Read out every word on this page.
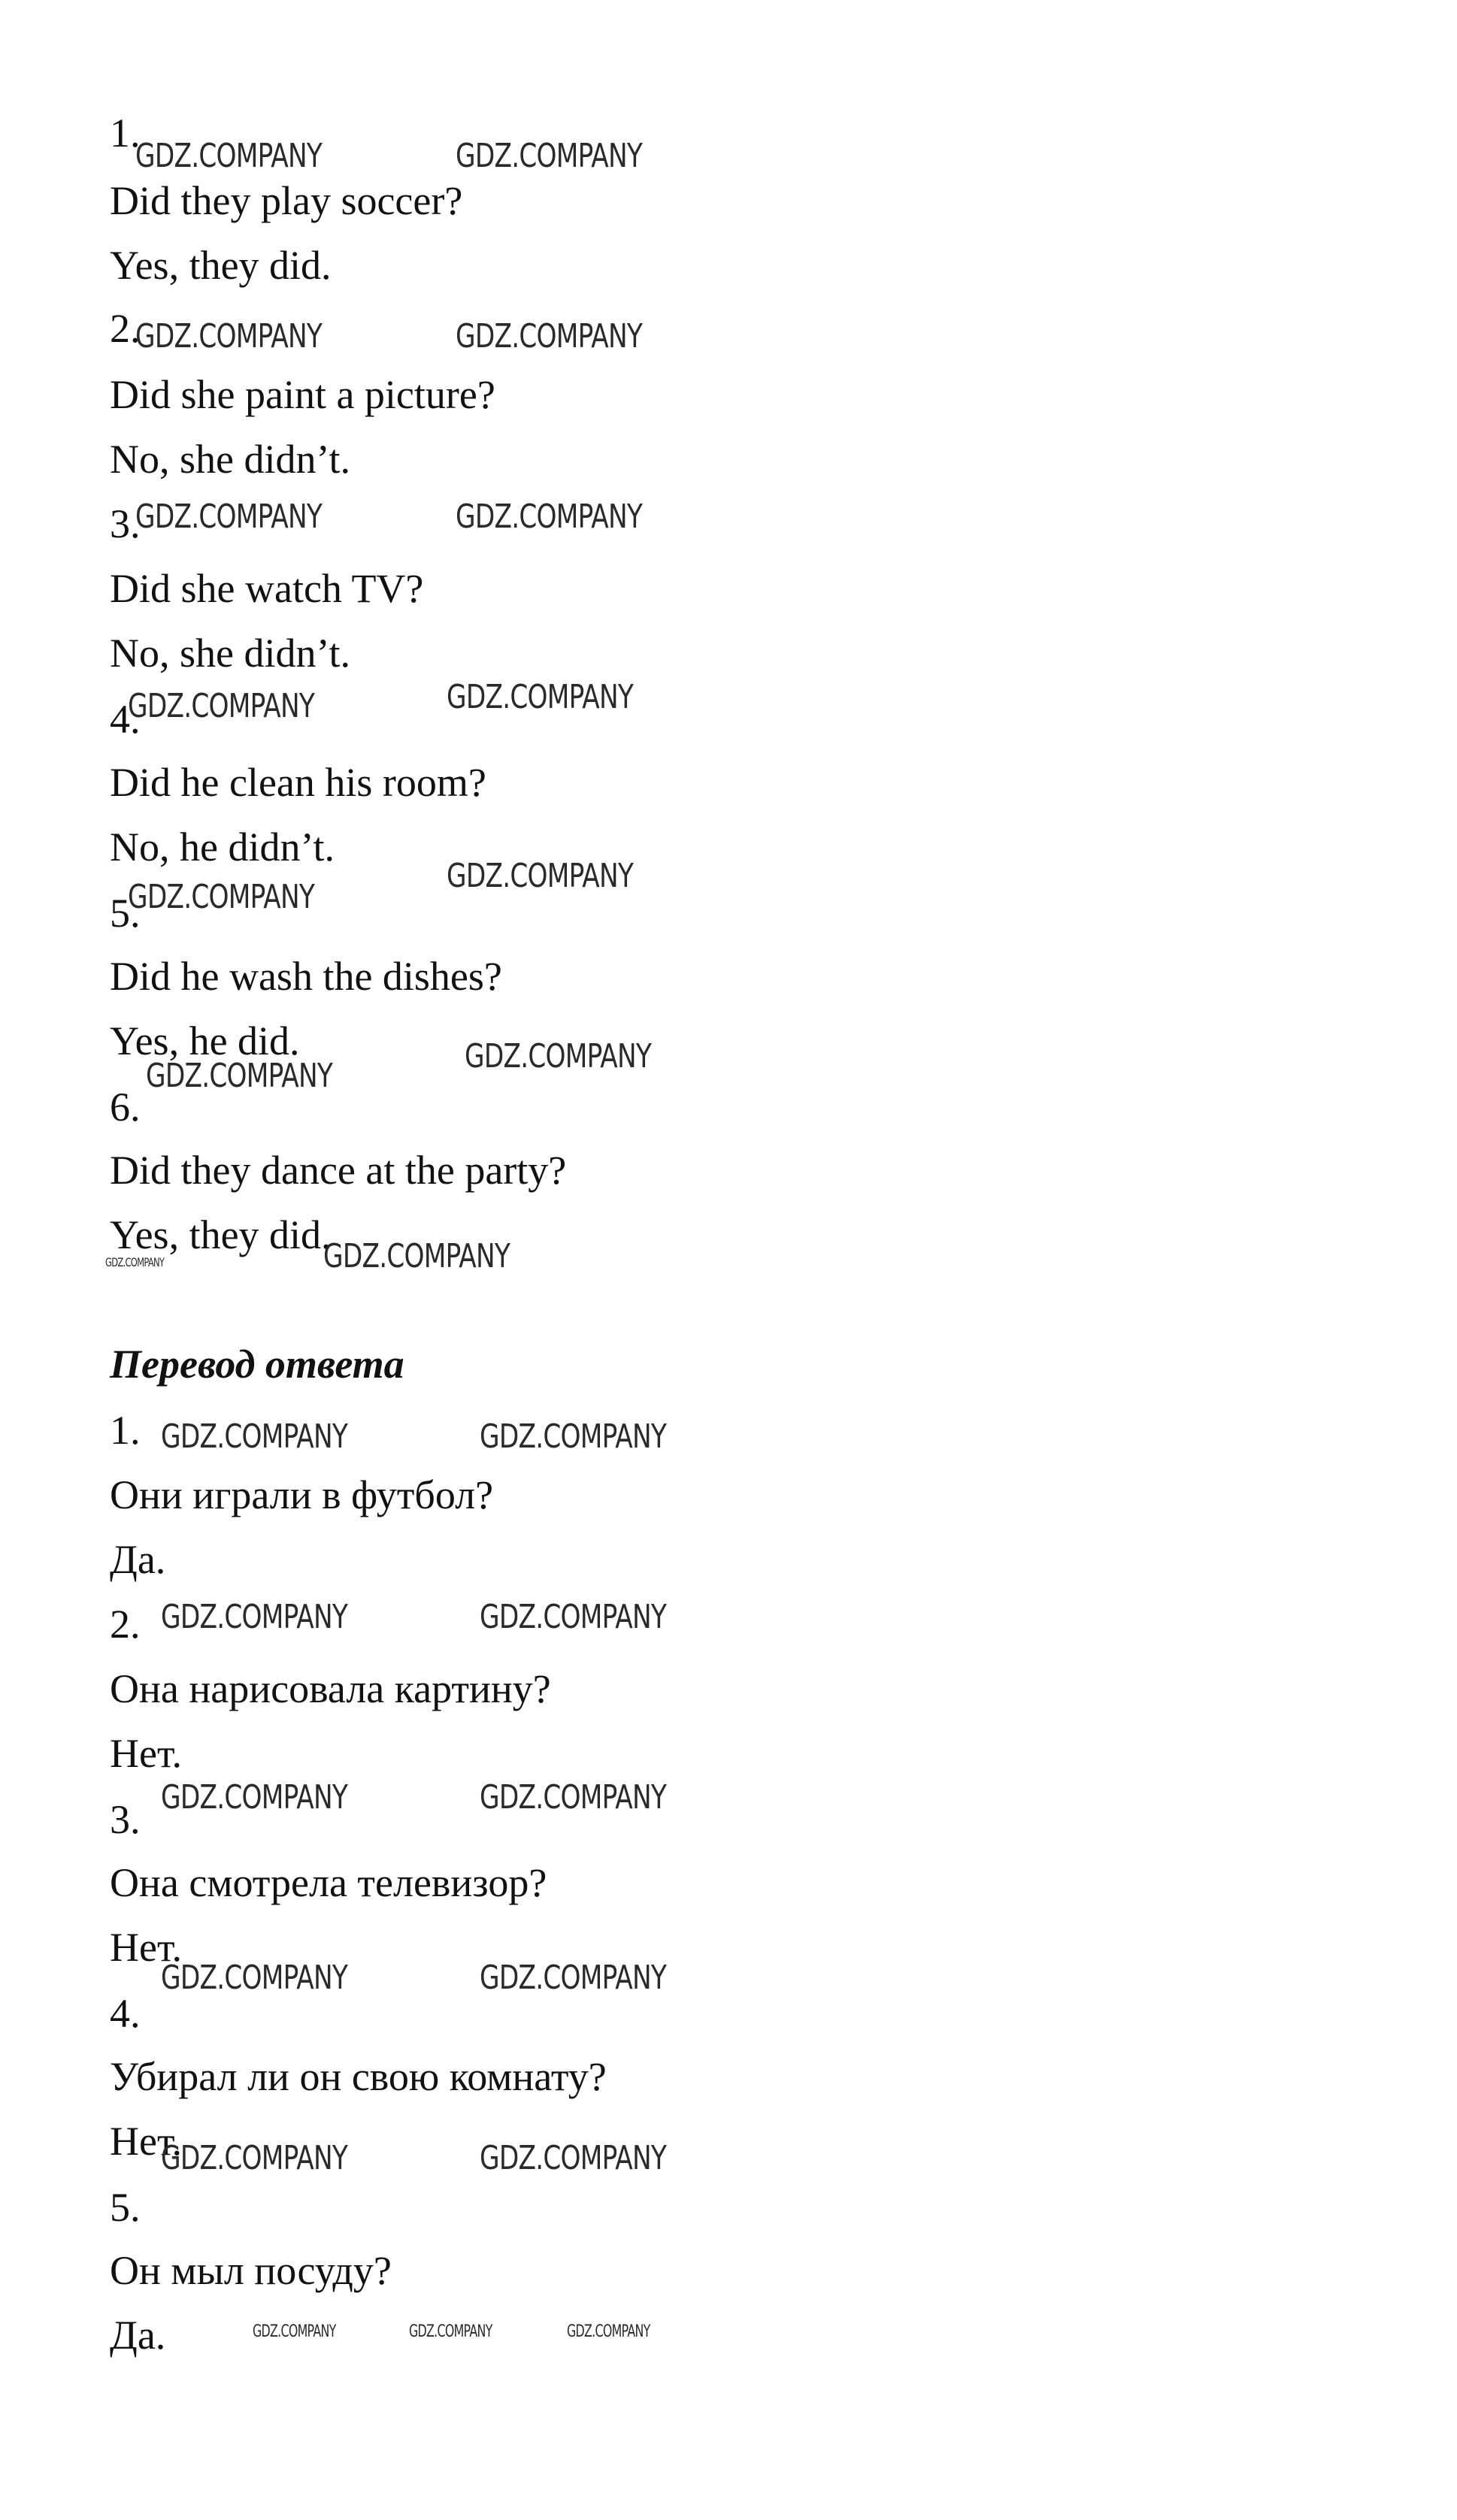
1.
Did they play soccer?
Yes, they did.
2.
Did she paint a picture?
No, she didn’t.
3.
Did she watch TV?
No, she didn’t.
4.
Did he clean his room?
No, he didn’t.
5.
Did he wash the dishes?
Yes, he did.
6.
Did they dance at the party?
Yes, they did.
Перевод ответа
1.
Они играли в футбол?
Да.
2.
Она нарисовала картину?
Нет.
3.
Она смотрела телевизор?
Нет.
4.
Убирал ли он свою комнату?
Нет.
5.
Он мыл посуду?
Да.
GDZ.COMPANY	GDZ.COMPANY
GDZ.COMPANY	GDZ.COMPANY
GDZ.COMPANY	GDZ.COMPANY
GDZ.COMPANY	GDZ.COMPANY
GDZ.COMPANY
GDZ.COMPANY
GDZ.COMPANY
GDZ.COMPANY
GDZ.COMPANY	GDZ.COMPANY
GDZ.COMPANY	GDZ.COMPANY
GDZ.COMPANY	GDZ.COMPANY
GDZ.COMPANY	GDZ.COMPANY
GDZ.COMPANY	GDZ.COMPANY
GDZ.COMPANY	GDZ.COMPANY
GDZ.COMPANY	GDZ.COMPANY	GDZ.COMPANY
